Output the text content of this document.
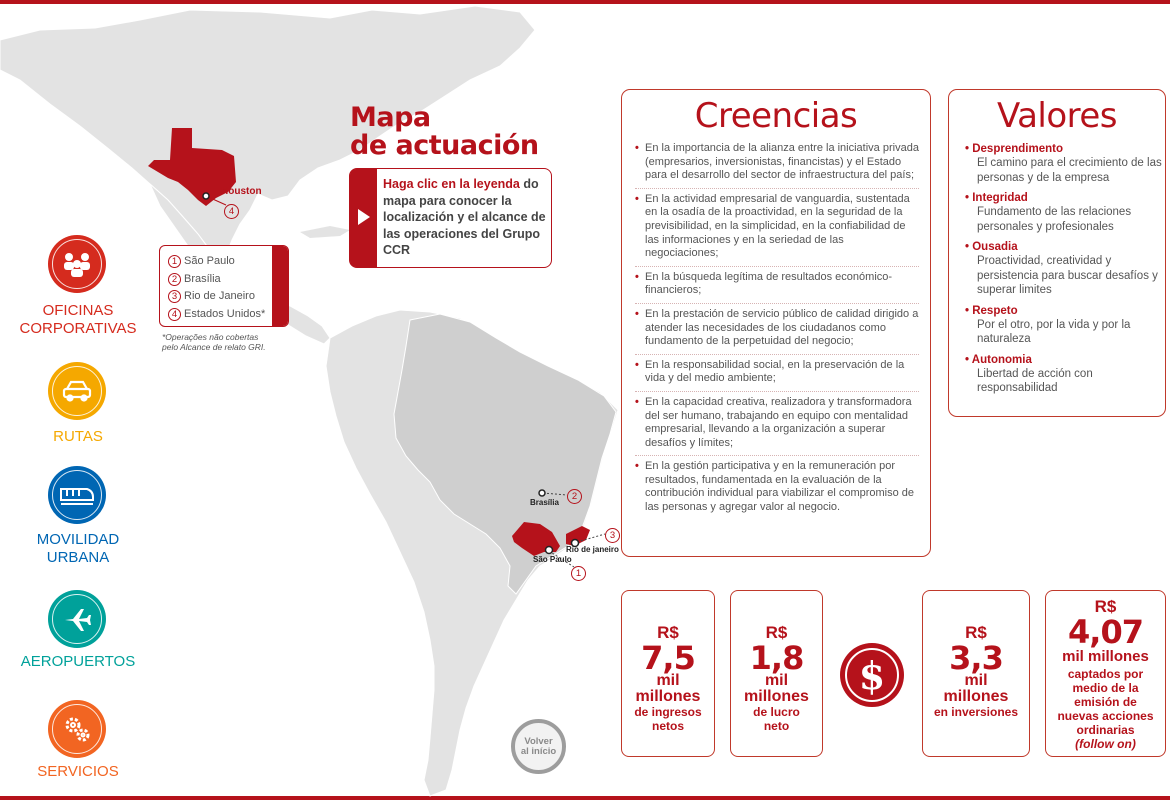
4
2
3
1
Houston
Brasília
Rio de janeiro
São Paulo
Mapa
de actuación
Haga clic en la leyenda do mapa para conocer la localización y el alcance de las operaciones del Grupo CCR
1 São Paulo
2 Brasília
3 Rio de Janeiro
4 Estados Unidos*
*Operações não cobertas
pelo Alcance de relato GRI.
OFICINAS
CORPORATIVAS
RUTAS
MOVILIDAD
URBANA
AEROPUERTOS
SERVICIOS
Creencias
• En la importancia de la alianza entre la iniciativa privada (empresarios, inversionistas, financistas) y el Estado para el desarrollo del sector de infraestructura del país;
• En la actividad empresarial de vanguardia, sustentada en la osadía de la proactividad, en la seguridad de la previsibilidad, en la simplicidad, en la confiabilidad de las informaciones y en la seriedad de las negociaciones;
• En la búsqueda legítima de resultados económico-financieros;
• En la prestación de servicio público de calidad dirigido a atender las necesidades de los ciudadanos como fundamento de la perpetuidad del negocio;
• En la responsabilidad social, en la preservación de la vida y del medio ambiente;
• En la capacidad creativa, realizadora y transformadora del ser humano, trabajando en equipo con mentalidad empresarial, llevando a la organización a superar desafíos y límites;
• En la gestión participativa y en la remuneración por resultados, fundamentada en la evaluación de la contribución individual para viabilizar el compromiso de las personas y agregar valor al negocio.
Valores
• Desprendimento
El camino para el crecimiento de las personas y de la empresa
• Integridad
Fundamento de las relaciones personales y profesionales
• Ousadia
Proactividad, creatividad y persistencia para buscar desafíos y superar limites
• Respeto
Por el otro, por la vida y por la naturaleza
• Autonomia
Libertad de acción con responsabilidad
R$
7,5
mil
millones
de ingresos
netos
R$
1,8
mil
millones
de lucro
neto
$
R$
3,3
mil
millones
en inversiones
R$
4,07
mil millones
captados por
medio de la
emisión de
nuevas acciones
ordinarias
(follow on)
Volver
al início
